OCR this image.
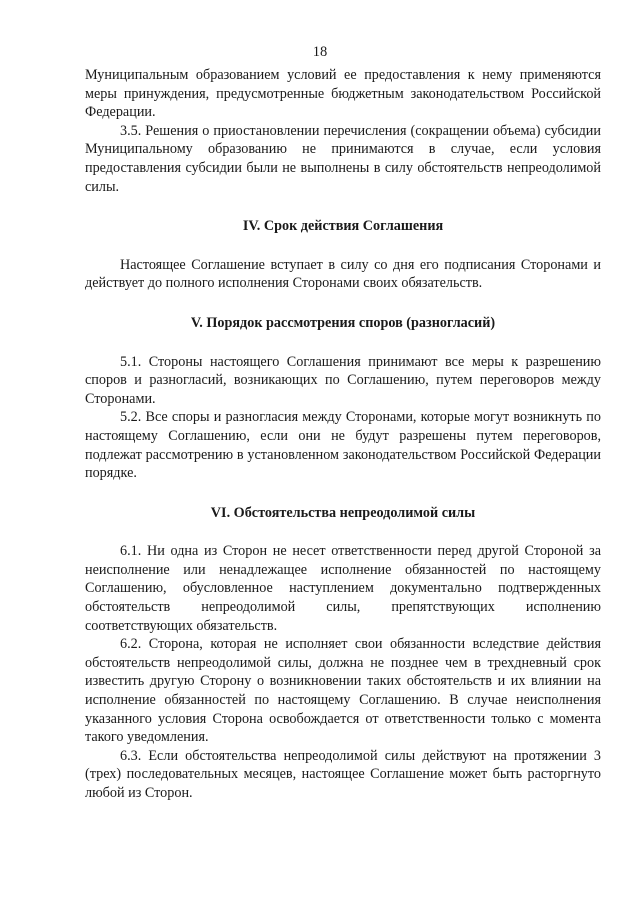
18

Муниципальным образованием условий ее предоставления к нему применяются меры принуждения, предусмотренные бюджетным законодательством Российской Федерации.

3.5. Решения о приостановлении перечисления (сокращении объема) субсидии Муниципальному образованию не принимаются в случае, если условия предоставления субсидии были не выполнены в силу обстоятельств непреодолимой силы.

IV. Срок действия Соглашения

Настоящее Соглашение вступает в силу со дня его подписания Сторонами и действует до полного исполнения Сторонами своих обязательств.

V. Порядок рассмотрения споров (разногласий)

5.1. Стороны настоящего Соглашения принимают все меры к разрешению споров и разногласий, возникающих по Соглашению, путем переговоров между Сторонами.

5.2. Все споры и разногласия между Сторонами, которые могут возникнуть по настоящему Соглашению, если они не будут разрешены путем переговоров, подлежат рассмотрению в установленном законодательством Российской Федерации порядке.

VI. Обстоятельства непреодолимой силы

6.1. Ни одна из Сторон не несет ответственности перед другой Стороной за неисполнение или ненадлежащее исполнение обязанностей по настоящему Соглашению, обусловленное наступлением документально подтвержденных обстоятельств непреодолимой силы, препятствующих исполнению соответствующих обязательств.

6.2. Сторона, которая не исполняет свои обязанности вследствие действия обстоятельств непреодолимой силы, должна не позднее чем в трехдневный срок известить другую Сторону о возникновении таких обстоятельств и их влиянии на исполнение обязанностей по настоящему Соглашению. В случае неисполнения указанного условия Сторона освобождается от ответственности только с момента такого уведомления.

6.3. Если обстоятельства непреодолимой силы действуют на протяжении 3 (трех) последовательных месяцев, настоящее Соглашение может быть расторгнуто любой из Сторон.
